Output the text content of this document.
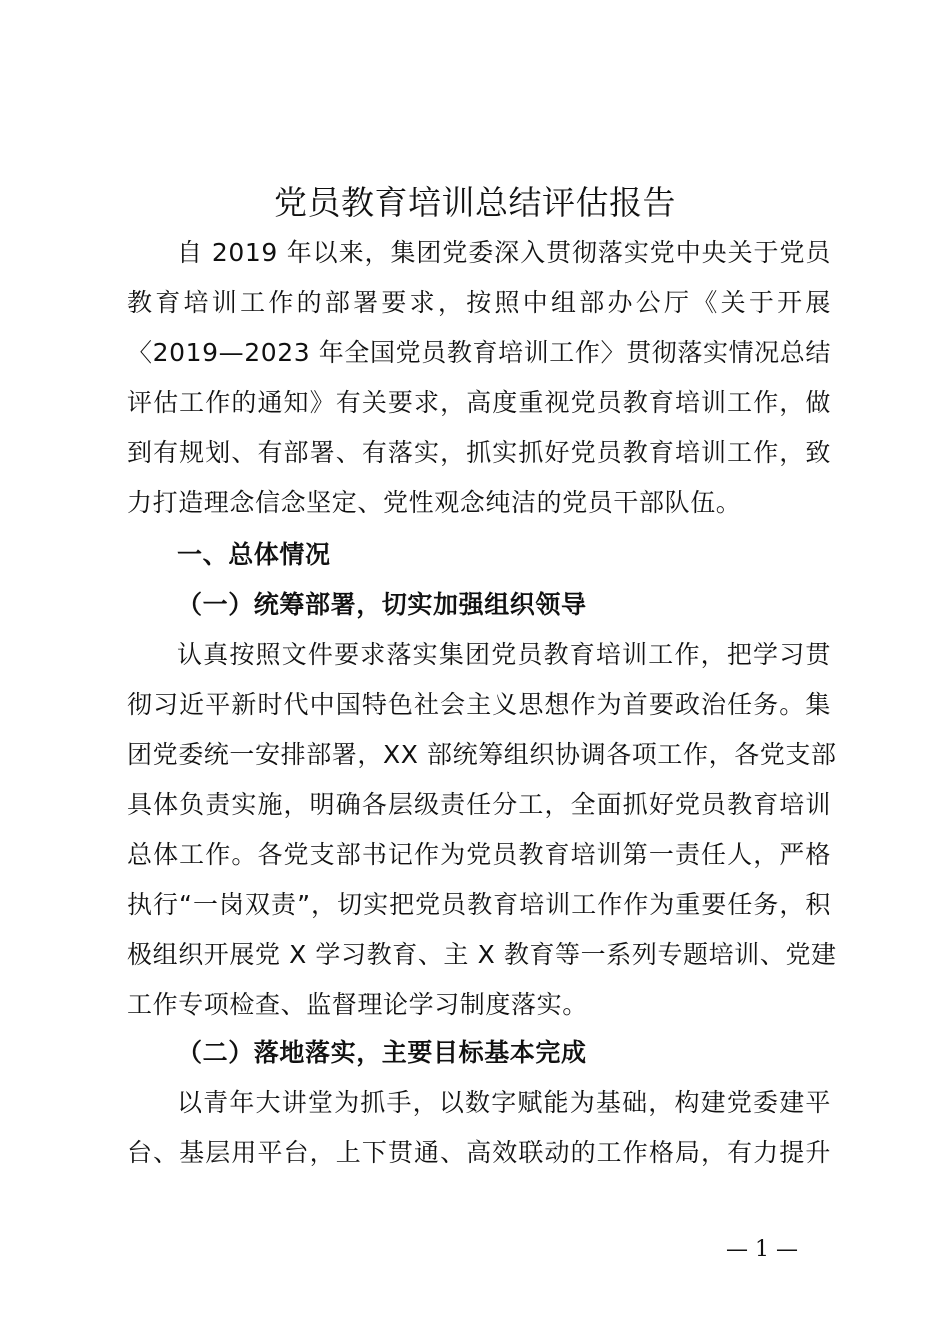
党员教育培训总结评估报告
自 2019 年以来，集团党委深入贯彻落实党中央关于党员
教育培训工作的部署要求，按照中组部办公厅《关于开展
〈2019—2023 年全国党员教育培训工作〉贯彻落实情况总结
评估工作的通知》有关要求，高度重视党员教育培训工作，做
到有规划、有部署、有落实，抓实抓好党员教育培训工作，致
力打造理念信念坚定、党性观念纯洁的党员干部队伍。
一、总体情况
（一）统筹部署，切实加强组织领导
认真按照文件要求落实集团党员教育培训工作，把学习贯
彻习近平新时代中国特色社会主义思想作为首要政治任务。集
团党委统一安排部署，XX 部统筹组织协调各项工作，各党支部
具体负责实施，明确各层级责任分工，全面抓好党员教育培训
总体工作。各党支部书记作为党员教育培训第一责任人，严格
执行“一岗双责”，切实把党员教育培训工作作为重要任务，积
极组织开展党 X 学习教育、主 X 教育等一系列专题培训、党建
工作专项检查、监督理论学习制度落实。
（二）落地落实，主要目标基本完成
以青年大讲堂为抓手，以数字赋能为基础，构建党委建平
台、基层用平台，上下贯通、高效联动的工作格局，有力提升
— 1 —
